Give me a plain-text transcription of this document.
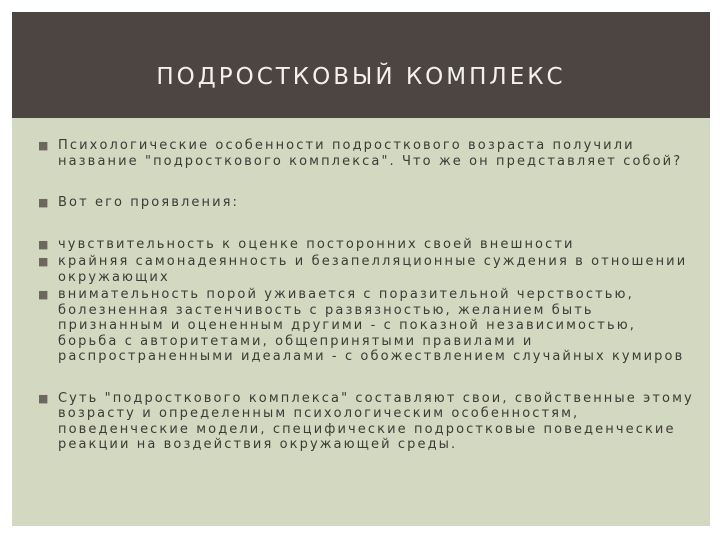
ПОДРОСТКОВЫЙ КОМПЛЕКС
■ Психологические особенности подросткового возраста получили название "подросткового комплекса". Что же он представляет собой?
■ Вот его проявления:
■ чувствительность к оценке посторонних своей внешности
■ крайняя самонадеянность и безапелляционные суждения в отношении окружающих
■ внимательность порой уживается с поразительной черствостью, болезненная застенчивость с развязностью, желанием быть признанным и оцененным другими - с показной независимостью, борьба с авторитетами, общепринятыми правилами и распространенными идеалами - с обожествлением случайных кумиров
■ Суть "подросткового комплекса" составляют свои, свойственные этому возрасту и определенным психологическим особенностям, поведенческие модели, специфические подростковые поведенческие реакции на воздействия окружающей среды.
